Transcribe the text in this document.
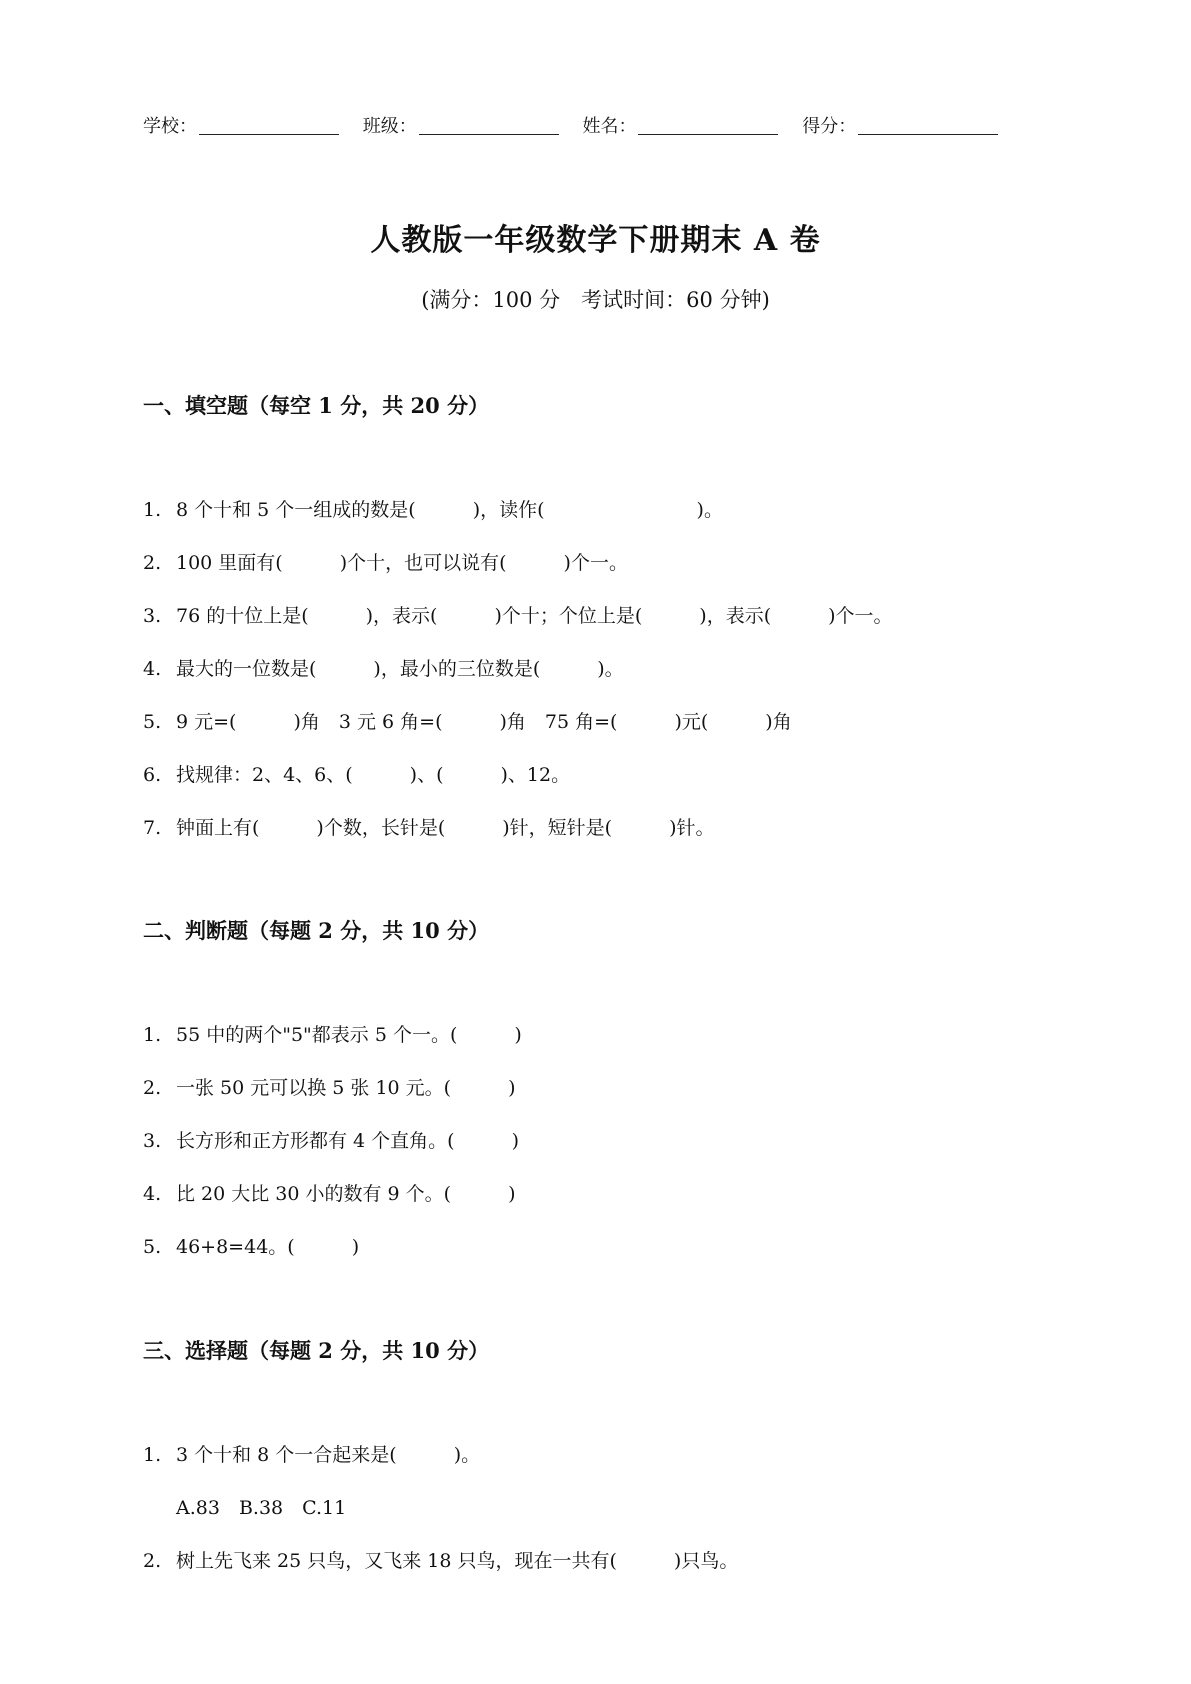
学校：	班级：	姓名：	得分：
人教版一年级数学下册期末 A 卷
(满分：100 分　考试时间：60 分钟)
一、填空题（每空 1 分，共 20 分）
1. 8 个十和 5 个一组成的数是(　　　)，读作(　　　　　　　　)。
2. 100 里面有(　　　)个十，也可以说有(　　　)个一。
3. 76 的十位上是(　　　)，表示(　　　)个十；个位上是(　　　)，表示(　　　)个一。
4. 最大的一位数是(　　　)，最小的三位数是(　　　)。
5. 9 元=(　　　)角　3 元 6 角=(　　　)角　75 角=(　　　)元(　　　)角
6. 找规律：2、4、6、(　　　)、(　　　)、12。
7. 钟面上有(　　　)个数，长针是(　　　)针，短针是(　　　)针。
二、判断题（每题 2 分，共 10 分）
1. 55 中的两个"5"都表示 5 个一。(　　　)
2. 一张 50 元可以换 5 张 10 元。(　　　)
3. 长方形和正方形都有 4 个直角。(　　　)
4. 比 20 大比 30 小的数有 9 个。(　　　)
5. 46+8=44。(　　　)
三、选择题（每题 2 分，共 10 分）
1. 3 个十和 8 个一合起来是(　　　)。
A.83　B.38　C.11
2. 树上先飞来 25 只鸟，又飞来 18 只鸟，现在一共有(　　　)只鸟。
